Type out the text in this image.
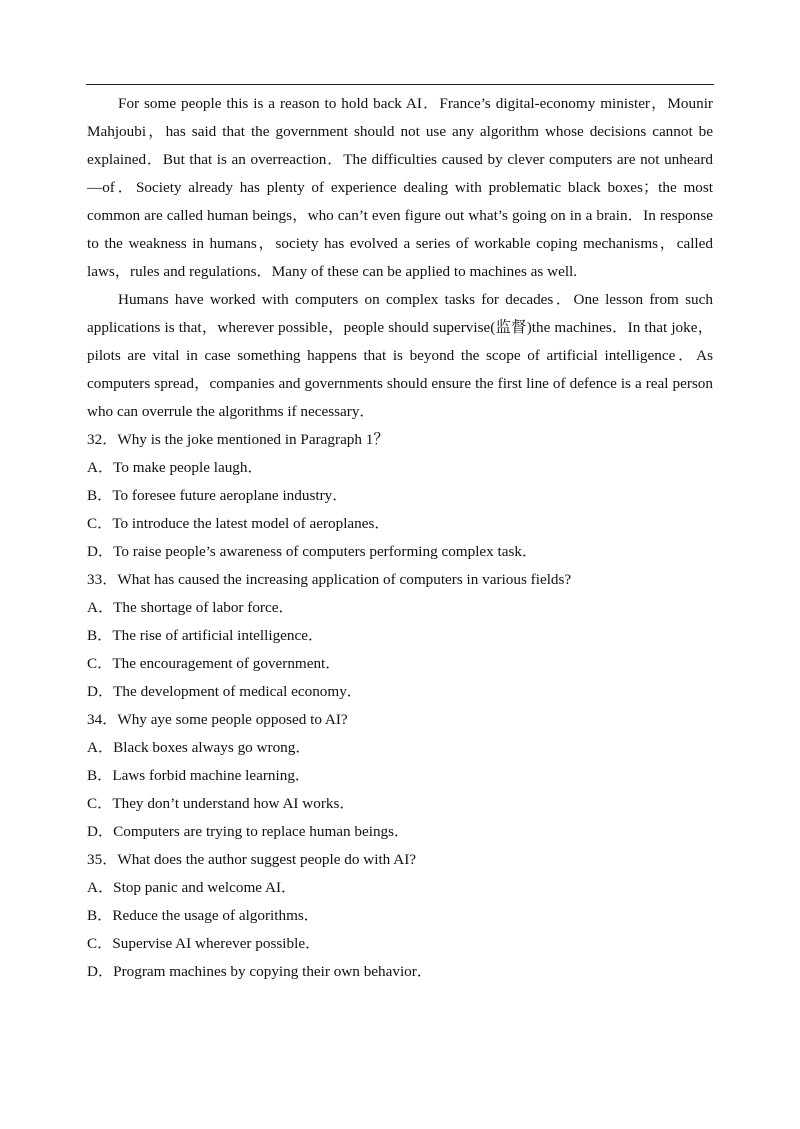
For some people this is a reason to hold back AI．France’s digital-economy minister，Mounir Mahjoubi，has said that the government should not use any algorithm whose decisions cannot be explained．But that is an overreaction．The difficulties caused by clever computers are not unheard—of．Society already has plenty of experience dealing with problematic black boxes；the most common are called human beings，who can’t even figure out what’s going on in a brain．In response to the weakness in humans，society has evolved a series of workable coping mechanisms，called laws，rules and regulations．Many of these can be applied to machines as well.

Humans have worked with computers on complex tasks for decades．One lesson from such applications is that，wherever possible，people should supervise(监督)the machines．In that joke，pilots are vital in case something happens that is beyond the scope of artificial intelligence．As computers spread，companies and governments should ensure the first line of defence is a real person who can overrule the algorithms if necessary．

32．Why is the joke mentioned in Paragraph 1？
A．To make people laugh．
B．To foresee future aeroplane industry．
C．To introduce the latest model of aeroplanes．
D．To raise people’s awareness of computers performing complex task．
33．What has caused the increasing application of computers in various fields?
A．The shortage of labor force．
B．The rise of artificial intelligence．
C．The encouragement of government．
D．The development of medical economy．
34．Why aye some people opposed to AI?
A．Black boxes always go wrong．
B．Laws forbid machine learning．
C．They don’t understand how AI works．
D．Computers are trying to replace human beings．
35．What does the author suggest people do with AI?
A．Stop panic and welcome AI．
B．Reduce the usage of algorithms．
C．Supervise AI wherever possible．
D．Program machines by copying their own behavior．
